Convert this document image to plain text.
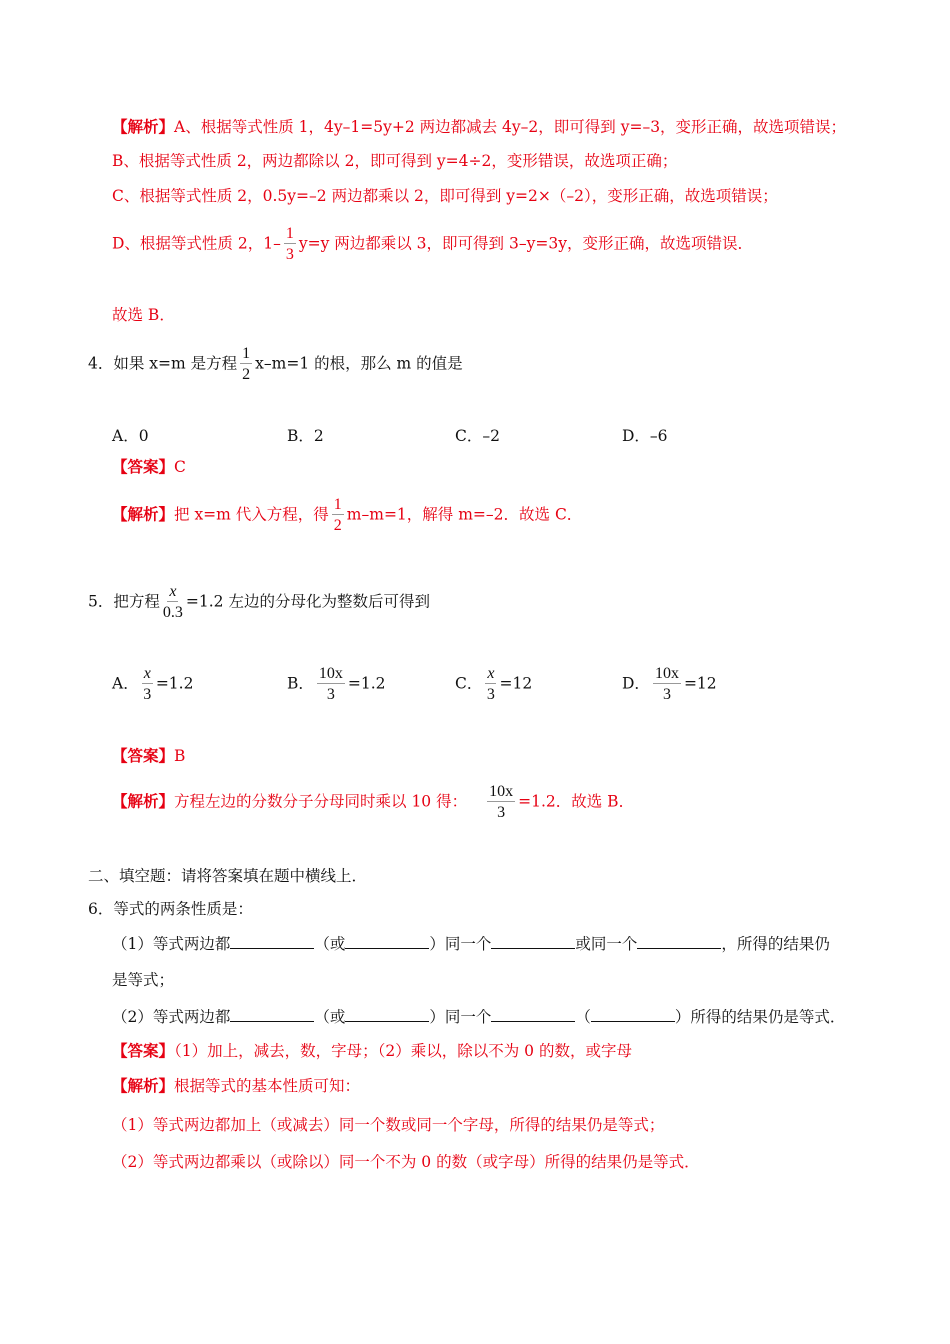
【解析】A、根据等式性质 1，4y–1=5y+2 两边都减去 4y–2，即可得到 y=–3，变形正确，故选项错误；
B、根据等式性质 2，两边都除以 2，即可得到 y=4÷2，变形错误，故选项正确；
C、根据等式性质 2，0.5y=–2 两边都乘以 2，即可得到 y=2×（–2），变形正确，故选项错误；
D、根据等式性质 2，$1- \frac{1}{3} y=y$ 两边都乘以 3，即可得到 3–y=3y，变形正确，故选项错误．
故选 B．
4．如果 x=m 是方程 $\frac{1}{2} x-m=1$ 的根，那么 m 的值是
A．0	B．2	C．–2	D．–6
【答案】C
【解析】把 x=m 代入方程，得 $\frac{1}{2} m-m=1$，解得 m=–2．故选 C．
5．把方程 $\frac{x}{0.3} =1.2$ 左边的分母化为整数后可得到
A． $\frac{x}{3} =1.2$	B． $\frac{10x}{3} =1.2$	C． $\frac{x}{3} =12$	D． $\frac{10x}{3} =12$
【答案】B
【解析】方程左边的分数分子分母同时乘以 10 得： $\frac{10x}{3} =1.2$．故选 B．
二、填空题：请将答案填在题中横线上．
6．等式的两条性质是：
（1）等式两边都	（或	）同一个	或同一个	，所得的结果仍
是等式；
（2）等式两边都	（或	）同一个	（	）所得的结果仍是等式．
【答案】（1）加上，减去，数，字母；（2）乘以，除以不为 0 的数，或字母
【解析】根据等式的基本性质可知：
（1）等式两边都加上（或减去）同一个数或同一个字母，所得的结果仍是等式；
（2）等式两边都乘以（或除以）同一个不为 0 的数（或字母）所得的结果仍是等式．
